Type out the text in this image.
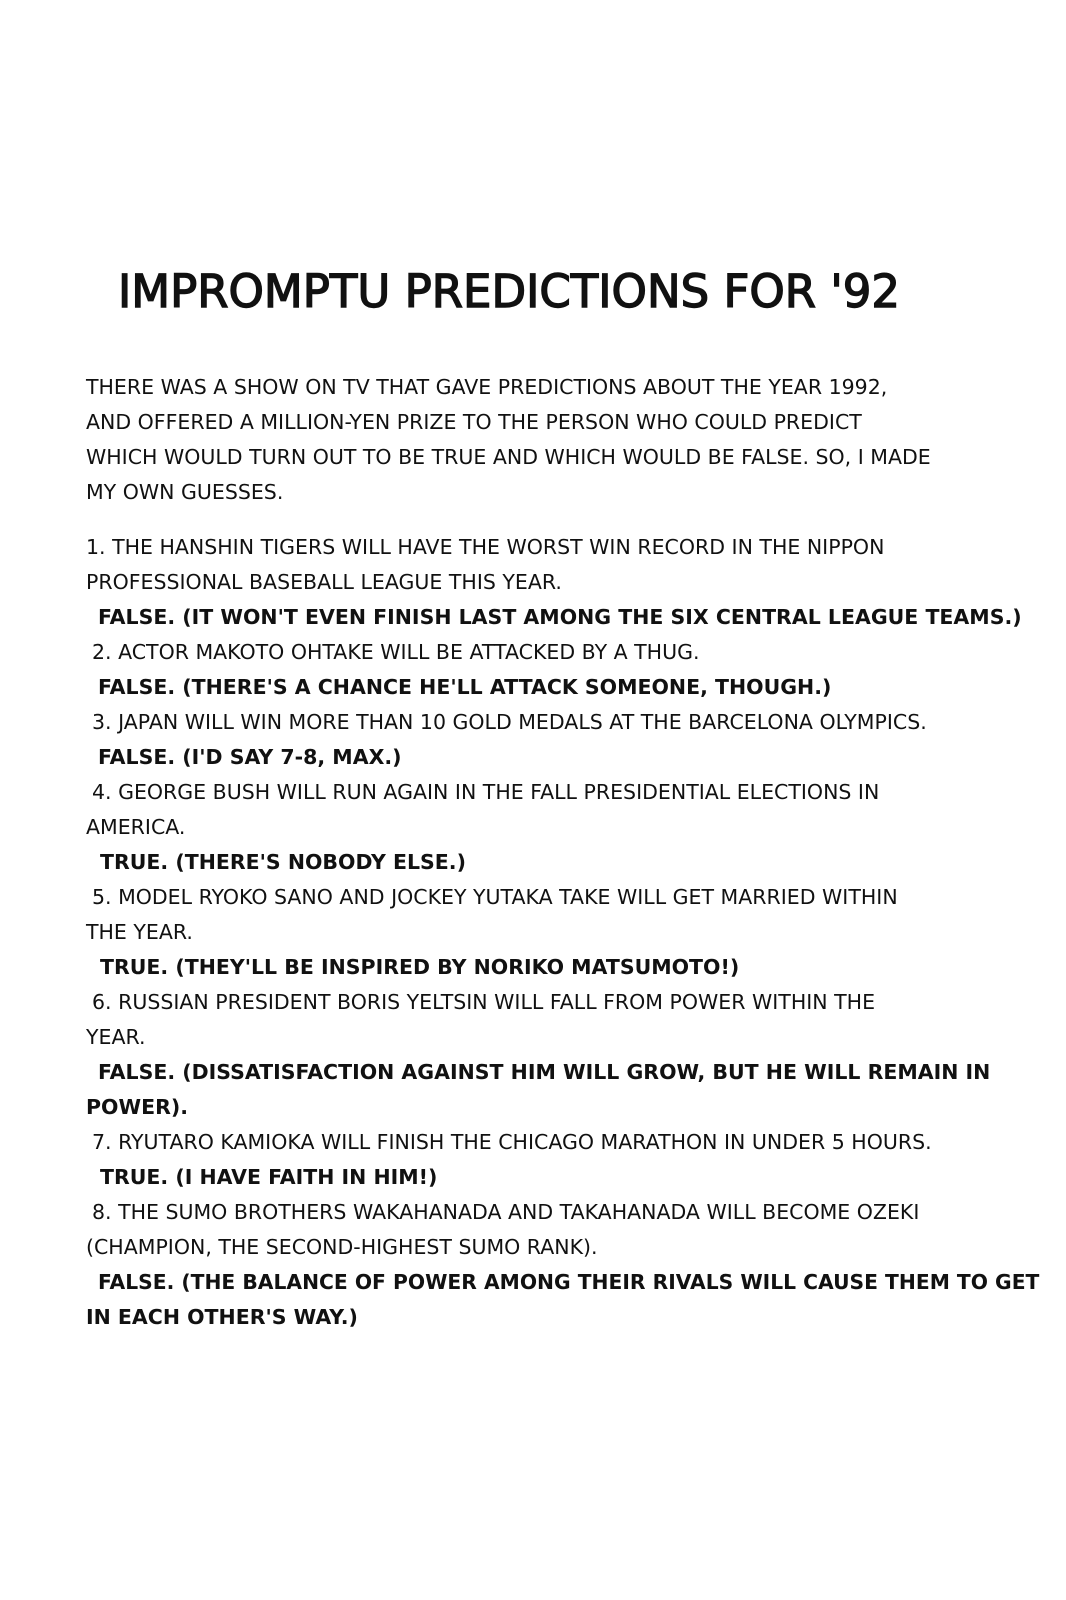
IMPROMPTU PREDICTIONS FOR '92
THERE WAS A SHOW ON TV THAT GAVE PREDICTIONS ABOUT THE YEAR 1992,
AND OFFERED A MILLION-YEN PRIZE TO THE PERSON WHO COULD PREDICT
WHICH WOULD TURN OUT TO BE TRUE AND WHICH WOULD BE FALSE. SO, I MADE
MY OWN GUESSES.
1. THE HANSHIN TIGERS WILL HAVE THE WORST WIN RECORD IN THE NIPPON
PROFESSIONAL BASEBALL LEAGUE THIS YEAR.
FALSE. (IT WON'T EVEN FINISH LAST AMONG THE SIX CENTRAL LEAGUE TEAMS.)
2. ACTOR MAKOTO OHTAKE WILL BE ATTACKED BY A THUG.
FALSE. (THERE'S A CHANCE HE'LL ATTACK SOMEONE, THOUGH.)
3. JAPAN WILL WIN MORE THAN 10 GOLD MEDALS AT THE BARCELONA OLYMPICS.
FALSE. (I'D SAY 7-8, MAX.)
4. GEORGE BUSH WILL RUN AGAIN IN THE FALL PRESIDENTIAL ELECTIONS IN
AMERICA.
TRUE. (THERE'S NOBODY ELSE.)
5. MODEL RYOKO SANO AND JOCKEY YUTAKA TAKE WILL GET MARRIED WITHIN
THE YEAR.
TRUE. (THEY'LL BE INSPIRED BY NORIKO MATSUMOTO!)
6. RUSSIAN PRESIDENT BORIS YELTSIN WILL FALL FROM POWER WITHIN THE
YEAR.
FALSE. (DISSATISFACTION AGAINST HIM WILL GROW, BUT HE WILL REMAIN IN
POWER).
7. RYUTARO KAMIOKA WILL FINISH THE CHICAGO MARATHON IN UNDER 5 HOURS.
TRUE. (I HAVE FAITH IN HIM!)
8. THE SUMO BROTHERS WAKAHANADA AND TAKAHANADA WILL BECOME OZEKI
(CHAMPION, THE SECOND-HIGHEST SUMO RANK).
FALSE. (THE BALANCE OF POWER AMONG THEIR RIVALS WILL CAUSE THEM TO GET
IN EACH OTHER'S WAY.)
